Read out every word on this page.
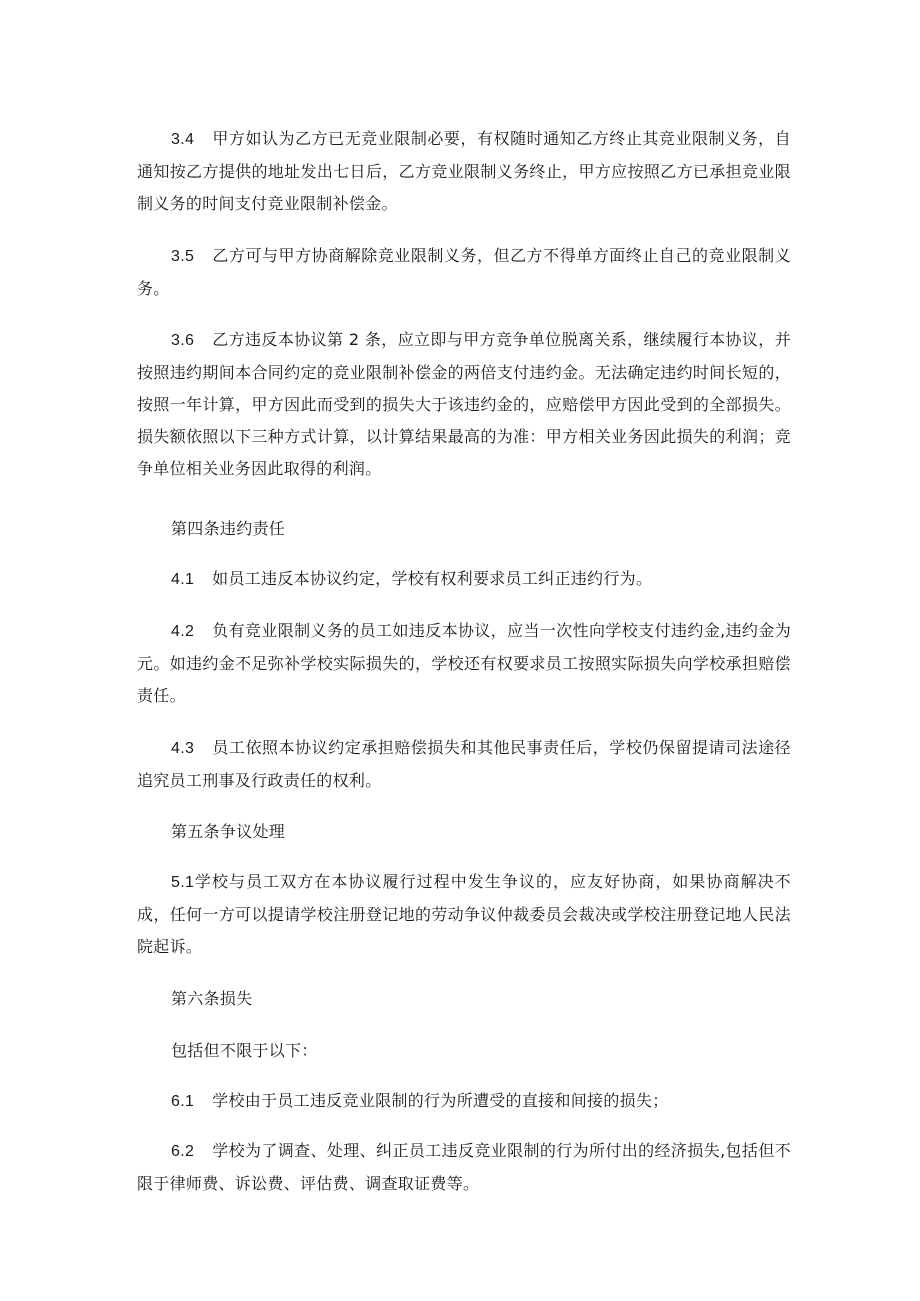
3.4 甲方如认为乙方已无竞业限制必要，有权随时通知乙方终止其竞业限制义务，自通知按乙方提供的地址发出七日后，乙方竞业限制义务终止，甲方应按照乙方已承担竞业限制义务的时间支付竞业限制补偿金。

3.5 乙方可与甲方协商解除竞业限制义务，但乙方不得单方面终止自己的竞业限制义务。

3.6 乙方违反本协议第 2 条，应立即与甲方竞争单位脱离关系，继续履行本协议，并按照违约期间本合同约定的竞业限制补偿金的两倍支付违约金。无法确定违约时间长短的，按照一年计算，甲方因此而受到的损失大于该违约金的，应赔偿甲方因此受到的全部损失。损失额依照以下三种方式计算，以计算结果最高的为准：甲方相关业务因此损失的利润；竞争单位相关业务因此取得的利润。

第四条违约责任

4.1 如员工违反本协议约定，学校有权利要求员工纠正违约行为。

4.2 负有竞业限制义务的员工如违反本协议，应当一次性向学校支付违约金,违约金为元。如违约金不足弥补学校实际损失的，学校还有权要求员工按照实际损失向学校承担赔偿责任。

4.3 员工依照本协议约定承担赔偿损失和其他民事责任后，学校仍保留提请司法途径追究员工刑事及行政责任的权利。

第五条争议处理

5.1学校与员工双方在本协议履行过程中发生争议的，应友好协商，如果协商解决不成，任何一方可以提请学校注册登记地的劳动争议仲裁委员会裁决或学校注册登记地人民法院起诉。

第六条损失

包括但不限于以下：

6.1 学校由于员工违反竞业限制的行为所遭受的直接和间接的损失；

6.2 学校为了调查、处理、纠正员工违反竞业限制的行为所付出的经济损失,包括但不限于律师费、诉讼费、评估费、调查取证费等。
